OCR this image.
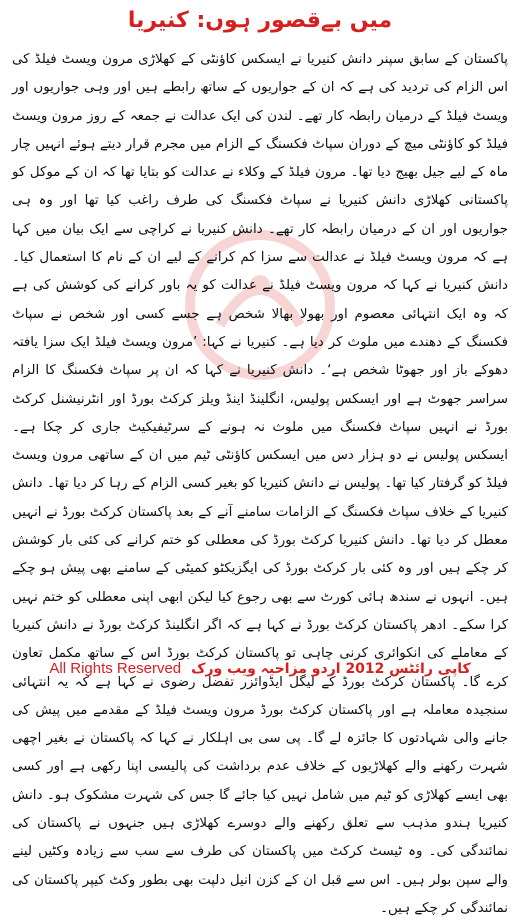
میں بےقصور ہوں: کنیریا

پاکستان کے سابق سپنر دانش کنیریا نے ایسکس کاؤنٹی کے کھلاڑی مرون ویسٹ فیلڈ کی اس الزام کی تردید کی ہے کہ ان کے جواریوں کے ساتھ رابطے ہیں اور وہی جواریوں اور ویسٹ فیلڈ کے درمیان رابطہ کار تھے۔ لندن کی ایک عدالت نے جمعہ کے روز مرون ویسٹ فیلڈ کو کاؤنٹی میچ کے دوران سپاٹ فکسنگ کے الزام میں مجرم قرار دیتے ہوئے انہیں چار ماہ کے لیے جیل بھیج دیا تھا۔ مرون فیلڈ کے وکلاء نے عدالت کو بتایا تھا کہ ان کے موکل کو پاکستانی کھلاڑی دانش کنیریا نے سپاٹ فکسنگ کی طرف راغب کیا تھا اور وہ ہی جواریوں اور ان کے درمیان رابطہ کار تھے۔ دانش کنیریا نے کراچی سے ایک بیان میں کہا ہے کہ مرون ویسٹ فیلڈ نے عدالت سے سزا کم کرانے کے لیے ان کے نام کا استعمال کیا۔ دانش کنیریا نے کہا کہ مرون ویسٹ فیلڈ نے عدالت کو یہ باور کرانے کی کوشش کی ہے کہ وہ ایک انتہائی معصوم اور بھولا بھالا شخص ہے جسے کسی اور شخص نے سپاٹ فکسنگ کے دھندے میں ملوث کر دیا ہے۔ کنیریا نے کہا: ’مرون ویسٹ فیلڈ ایک سزا یافتہ دھوکے باز اور جھوٹا شخص ہے‘۔ دانش کنیریا نے کہا کہ ان پر سپاٹ فکسنگ کا الزام سراسر جھوٹ ہے اور ایسکس پولیس، انگلینڈ اینڈ ویلز کرکٹ بورڈ اور انٹرنیشنل کرکٹ بورڈ نے انہیں سپاٹ فکسنگ میں ملوث نہ ہونے کے سرٹیفیکیٹ جاری کر چکا ہے۔ ایسکس پولیس نے دو ہزار دس میں ایسکس کاؤنٹی ٹیم میں ان کے ساتھی مرون ویسٹ فیلڈ کو گرفتار کیا تھا۔ پولیس نے دانش کنیریا کو بغیر کسی الزام کے رہا کر دیا تھا۔ دانش کنیریا کے خلاف سپاٹ فکسنگ کے الزامات سامنے آنے کے بعد پاکستان کرکٹ بورڈ نے انہیں معطل کر دیا تھا۔ دانش کنیریا کرکٹ بورڈ کی معطلی کو ختم کرانے کی کئی بار کوشش کر چکے ہیں اور وہ کئی بار کرکٹ بورڈ کی ایگزیکٹو کمیٹی کے سامنے بھی پیش ہو چکے ہیں۔ انہوں نے سندھ ہائی کورٹ سے بھی رجوع کیا لیکن ابھی اپنی معطلی کو ختم نہیں کرا سکے۔ ادھر پاکستان کرکٹ بورڈ نے کہا ہے کہ اگر انگلینڈ کرکٹ بورڈ نے دانش کنیریا کے معاملے کی انکوائری کرنی چاہی تو پاکستان کرکٹ بورڈ اس کے ساتھ مکمل تعاون کرے گا۔ پاکستان کرکٹ بورڈ کے لیگل ایڈوائزر تفضل رضوی نے کہا ہے کہ یہ انتہائی سنجیدہ معاملہ ہے اور پاکستان کرکٹ بورڈ مرون ویسٹ فیلڈ کے مقدمے میں پیش کی جانے والی شہادتوں کا جائزہ لے گا۔ پی سی بی اہلکار نے کہا کہ پاکستان نے بغیر اچھی شہرت رکھنے والے کھلاڑیوں کے خلاف عدم برداشت کی پالیسی اپنا رکھی ہے اور کسی بھی ایسے کھلاڑی کو ٹیم میں شامل نہیں کیا جائے گا جس کی شہرت مشکوک ہو۔ دانش کنیریا ہندو مذہب سے تعلق رکھنے والے دوسرے کھلاڑی ہیں جنہوں نے پاکستان کی نمائندگی کی۔ وہ ٹیسٹ کرکٹ میں پاکستان کی طرف سے سب سے زیادہ وکٹیں لینے والے سپن بولر ہیں۔ اس سے قبل ان کے کزن انیل دلپت بھی بطور وکٹ کیپر پاکستان کی نمائندگی کر چکے ہیں۔

All Rights Reserved کاپی رائٹس 2012 اردو مزاحیہ ویب ورک
